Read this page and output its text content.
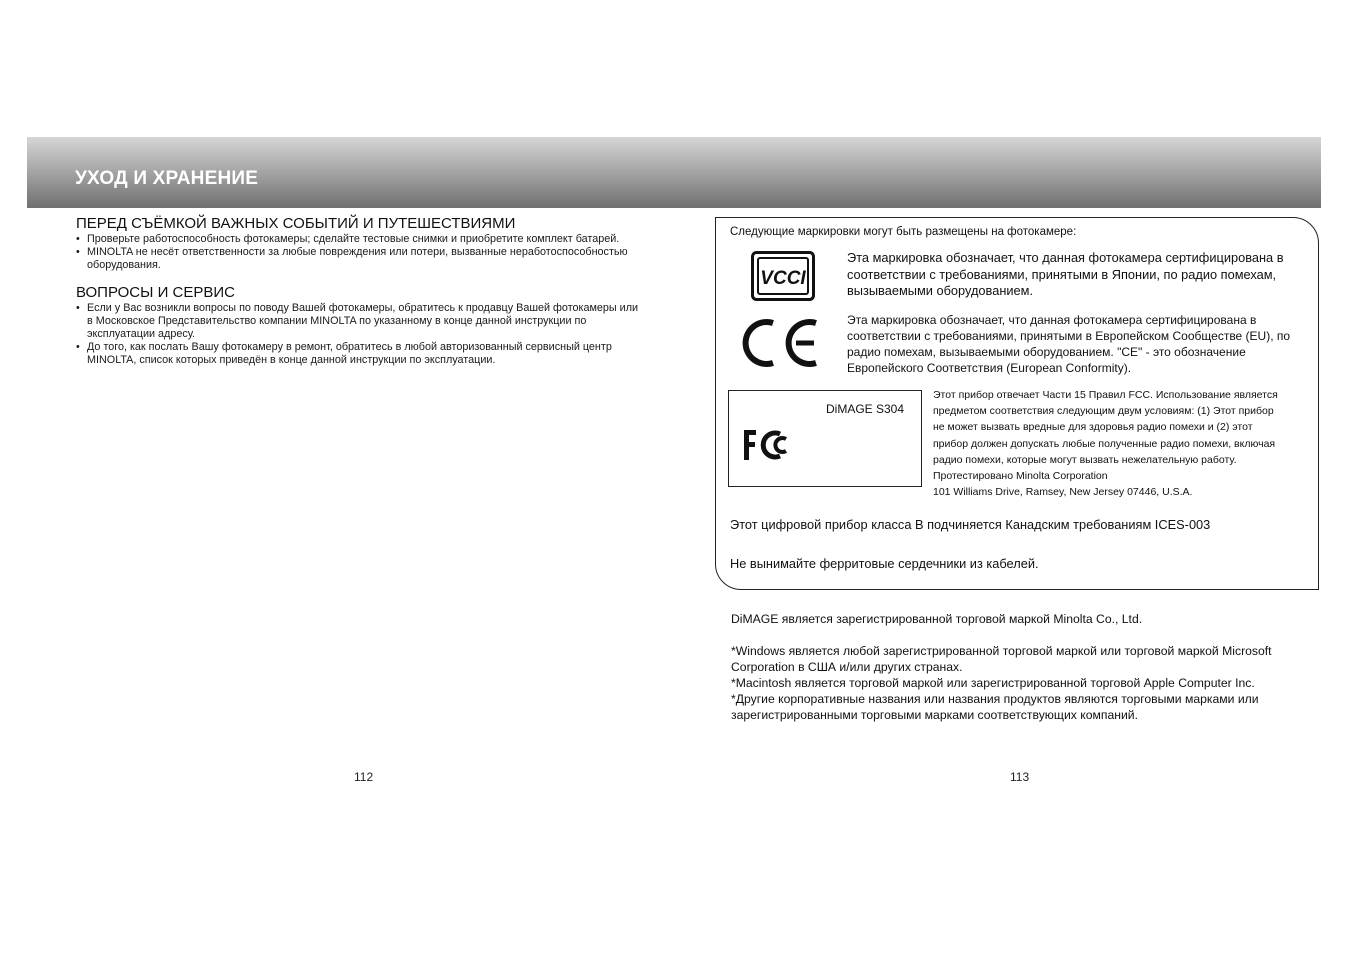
УХОД И ХРАНЕНИЕ
ПЕРЕД СЪЁМКОЙ ВАЖНЫХ СОБЫТИЙ И ПУТЕШЕСТВИЯМИ
• Проверьте работоспособность фотокамеры; сделайте тестовые снимки и приобретите комплект батарей.
• MINOLTA не несёт ответственности за любые повреждения или потери, вызванные неработоспособностью оборудования.
ВОПРОСЫ И СЕРВИС
• Если у Вас возникли вопросы по поводу Вашей фотокамеры, обратитесь к продавцу Вашей фотокамеры или в Московское Представительство компании MINOLTA по указанному в конце данной инструкции по эксплуатации адресу.
• До того, как послать Вашу фотокамеру в ремонт, обратитесь в любой авторизованный сервисный центр MINOLTA, список которых приведён в конце данной инструкции по эксплуатации.
112
Следующие маркировки могут быть размещены на фотокамере:
VCCI
Эта маркировка обозначает, что данная фотокамера сертифицирована в соответствии с требованиями, принятыми в Японии, по радио помехам, вызываемыми оборудованием.
Эта маркировка обозначает, что данная фотокамера сертифицирована в соответствии с требованиями, принятыми в Европейском Сообществе (EU), по радио помехам, вызываемыми оборудованием. "CE" - это обозначение Европейского Соответствия (European Conformity).
DiMAGE S304
Этот прибор отвечает Части 15 Правил FCC. Использование является
предметом соответствия следующим двум условиям: (1) Этот прибор
не может вызвать вредные для здоровья радио помехи и (2) этот
прибор должен допускать любые полученные радио помехи, включая
радио помехи, которые могут вызвать нежелательную работу.
Протестировано Minolta Corporation
101 Williams Drive, Ramsey, New Jersey 07446, U.S.A.
Этот цифровой прибор класса B подчиняется Канадским требованиям ICES-003
Не вынимайте ферритовые сердечники из кабелей.
DiMAGE является зарегистрированной торговой маркой Minolta Co., Ltd.
*Windows является любой зарегистрированной торговой маркой или торговой маркой Microsoft Corporation в США и/или других странах.
*Macintosh является торговой маркой или зарегистрированной торговой Apple Computer Inc.
*Другие корпоративные названия или названия продуктов являются торговыми марками или зарегистрированными торговыми марками соответствующих компаний.
113
